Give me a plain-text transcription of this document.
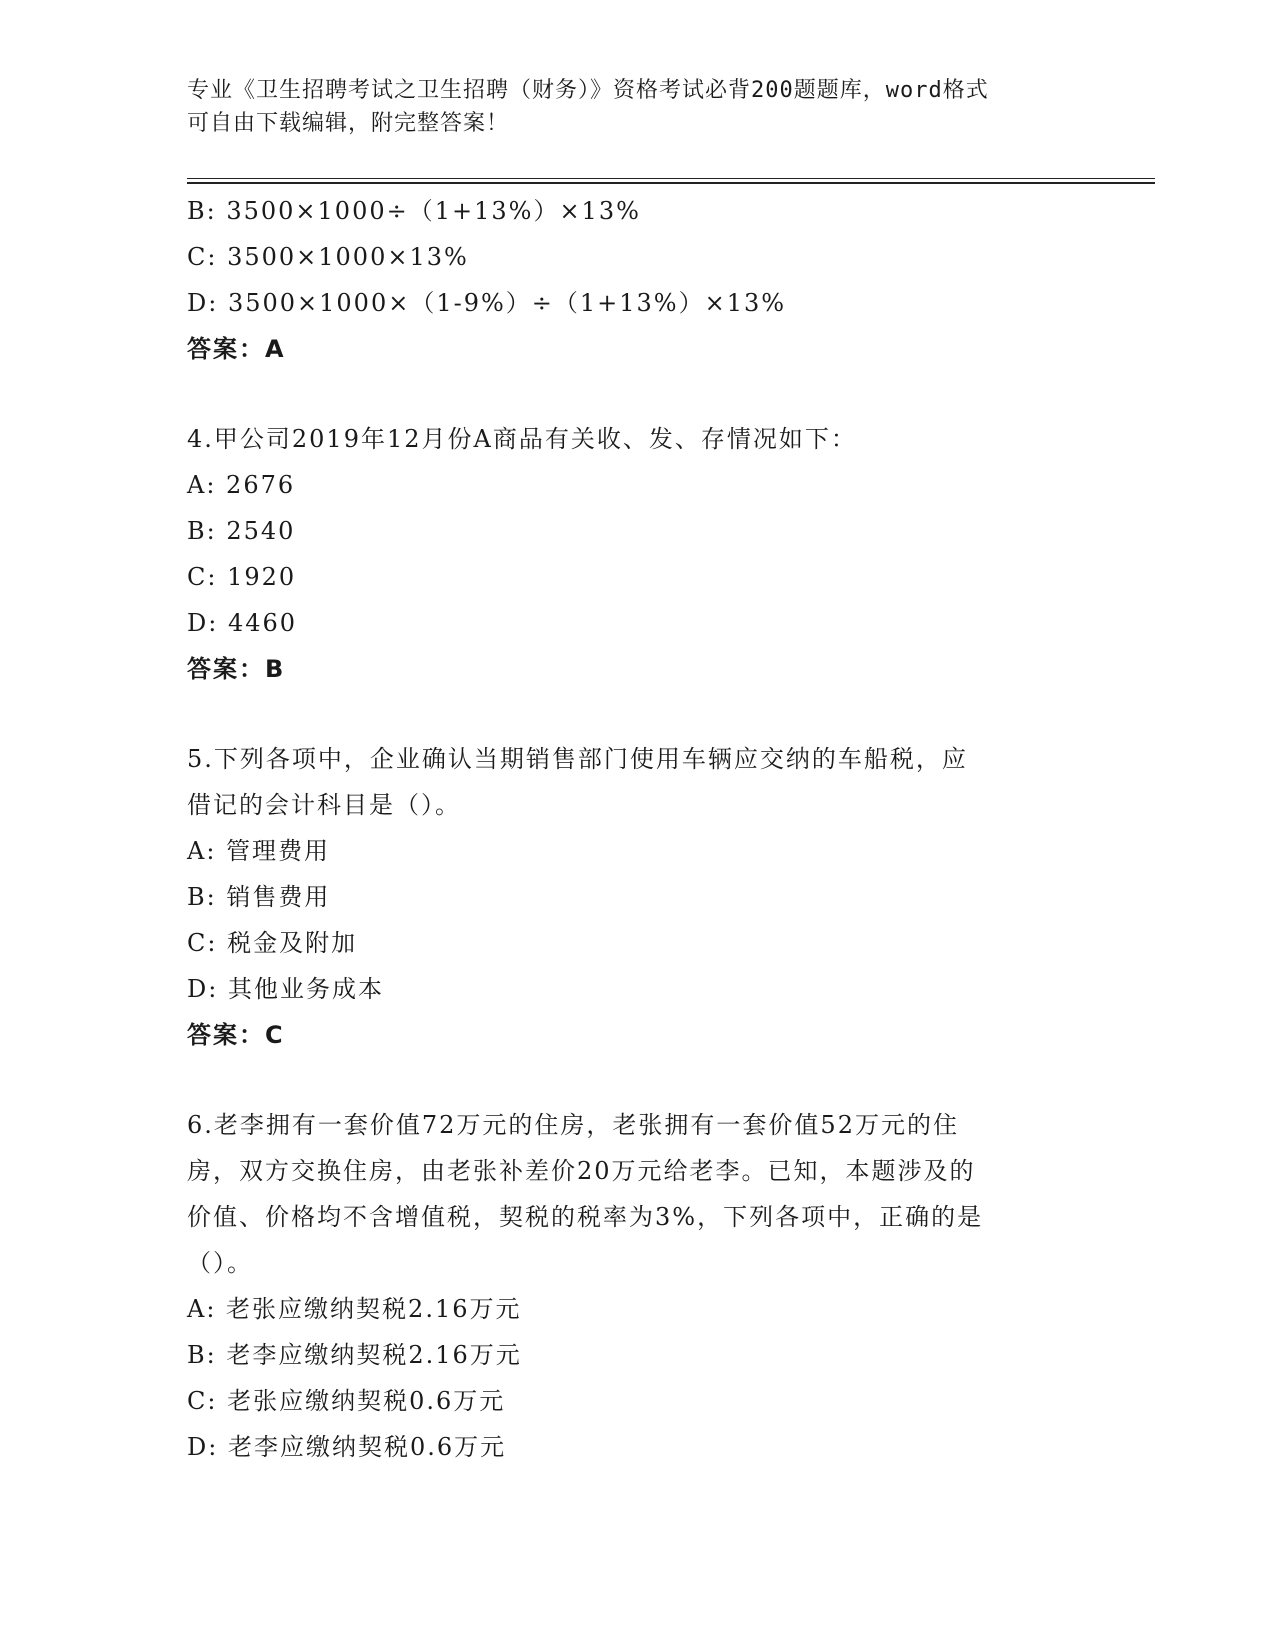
专业《卫生招聘考试之卫生招聘（财务）》资格考试必背200题题库，word格式
可自由下载编辑，附完整答案！
B: 3500×1000÷（1+13%）×13%
C: 3500×1000×13%
D: 3500×1000×（1-9%）÷（1+13%）×13%
答案：A
4.甲公司2019年12月份A商品有关收、发、存情况如下：
A: 2676
B: 2540
C: 1920
D: 4460
答案：B
5.下列各项中，企业确认当期销售部门使用车辆应交纳的车船税，应
借记的会计科目是（）。
A: 管理费用
B: 销售费用
C: 税金及附加
D: 其他业务成本
答案：C
6.老李拥有一套价值72万元的住房，老张拥有一套价值52万元的住
房，双方交换住房，由老张补差价20万元给老李。已知，本题涉及的
价值、价格均不含增值税，契税的税率为3%，下列各项中，正确的是
（）。
A: 老张应缴纳契税2.16万元
B: 老李应缴纳契税2.16万元
C: 老张应缴纳契税0.6万元
D: 老李应缴纳契税0.6万元
